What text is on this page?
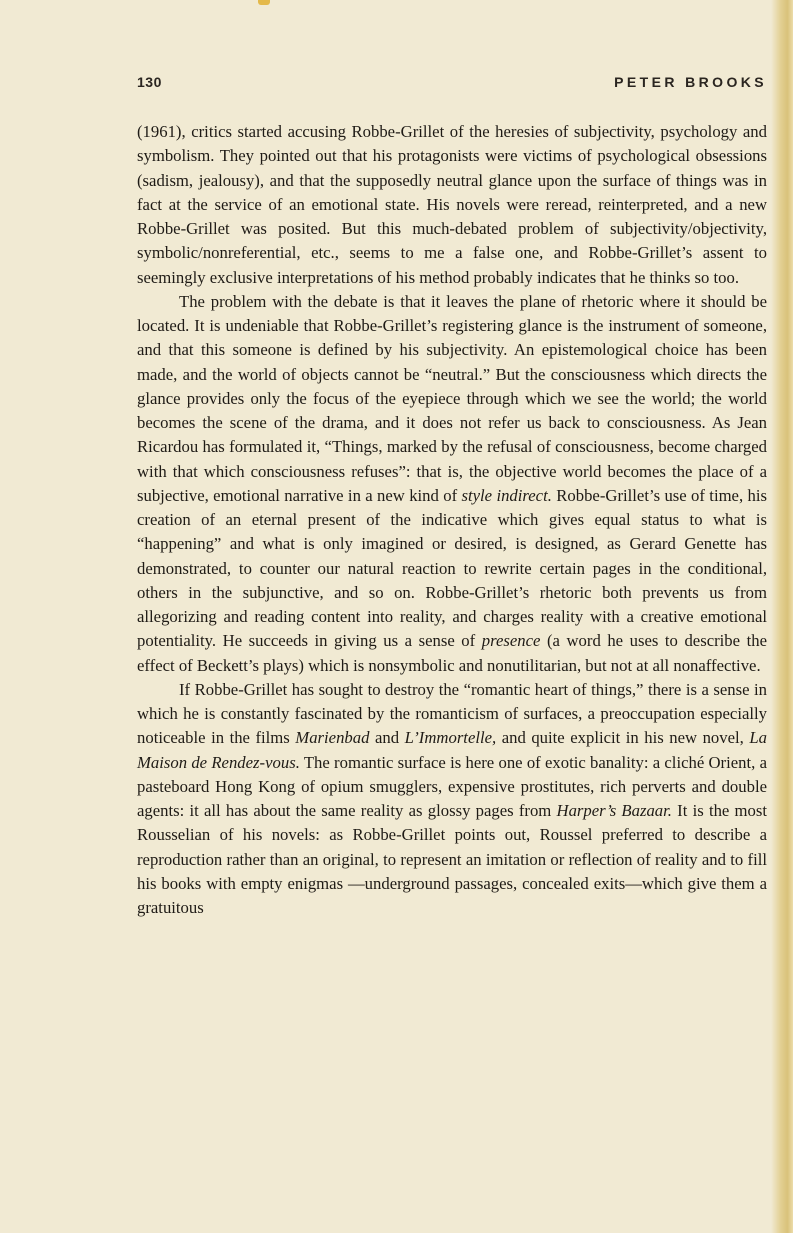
130	PETER BROOKS

(1961), critics started accusing Robbe-Grillet of the heresies of subjectivity, psychology and symbolism. They pointed out that his protagonists were victims of psychological obsessions (sadism, jealousy), and that the supposedly neutral glance upon the surface of things was in fact at the service of an emotional state. His novels were reread, reinterpreted, and a new Robbe-Grillet was posited. But this much-debated problem of subjectivity/objectivity, symbolic/nonreferential, etc., seems to me a false one, and Robbe-Grillet’s assent to seemingly exclusive interpretations of his method probably indicates that he thinks so too.

The problem with the debate is that it leaves the plane of rhetoric where it should be located. It is undeniable that Robbe-Grillet’s registering glance is the instrument of someone, and that this someone is defined by his subjectivity. An epistemological choice has been made, and the world of objects cannot be “neutral.” But the consciousness which directs the glance provides only the focus of the eyepiece through which we see the world; the world becomes the scene of the drama, and it does not refer us back to consciousness. As Jean Ricardou has formulated it, “Things, marked by the refusal of consciousness, become charged with that which consciousness refuses”: that is, the objective world becomes the place of a subjective, emotional narrative in a new kind of style indirect. Robbe-Grillet’s use of time, his creation of an eternal present of the indicative which gives equal status to what is “happening” and what is only imagined or desired, is designed, as Gerard Genette has demonstrated, to counter our natural reaction to rewrite certain pages in the conditional, others in the subjunctive, and so on. Robbe-Grillet’s rhetoric both prevents us from allegorizing and reading content into reality, and charges reality with a creative emotional potentiality. He succeeds in giving us a sense of presence (a word he uses to describe the effect of Beckett’s plays) which is nonsymbolic and nonutilitarian, but not at all nonaffective.

If Robbe-Grillet has sought to destroy the “romantic heart of things,” there is a sense in which he is constantly fascinated by the romanticism of surfaces, a preoccupation especially noticeable in the films Marienbad and L’Immortelle, and quite explicit in his new novel, La Maison de Rendez-vous. The romantic surface is here one of exotic banality: a cliché Orient, a pasteboard Hong Kong of opium smugglers, expensive prostitutes, rich perverts and double agents: it all has about the same reality as glossy pages from Harper’s Bazaar. It is the most Rousselian of his novels: as Robbe-Grillet points out, Roussel preferred to describe a reproduction rather than an original, to represent an imitation or reflection of reality and to fill his books with empty enigmas —underground passages, concealed exits—which give them a gratuitous
